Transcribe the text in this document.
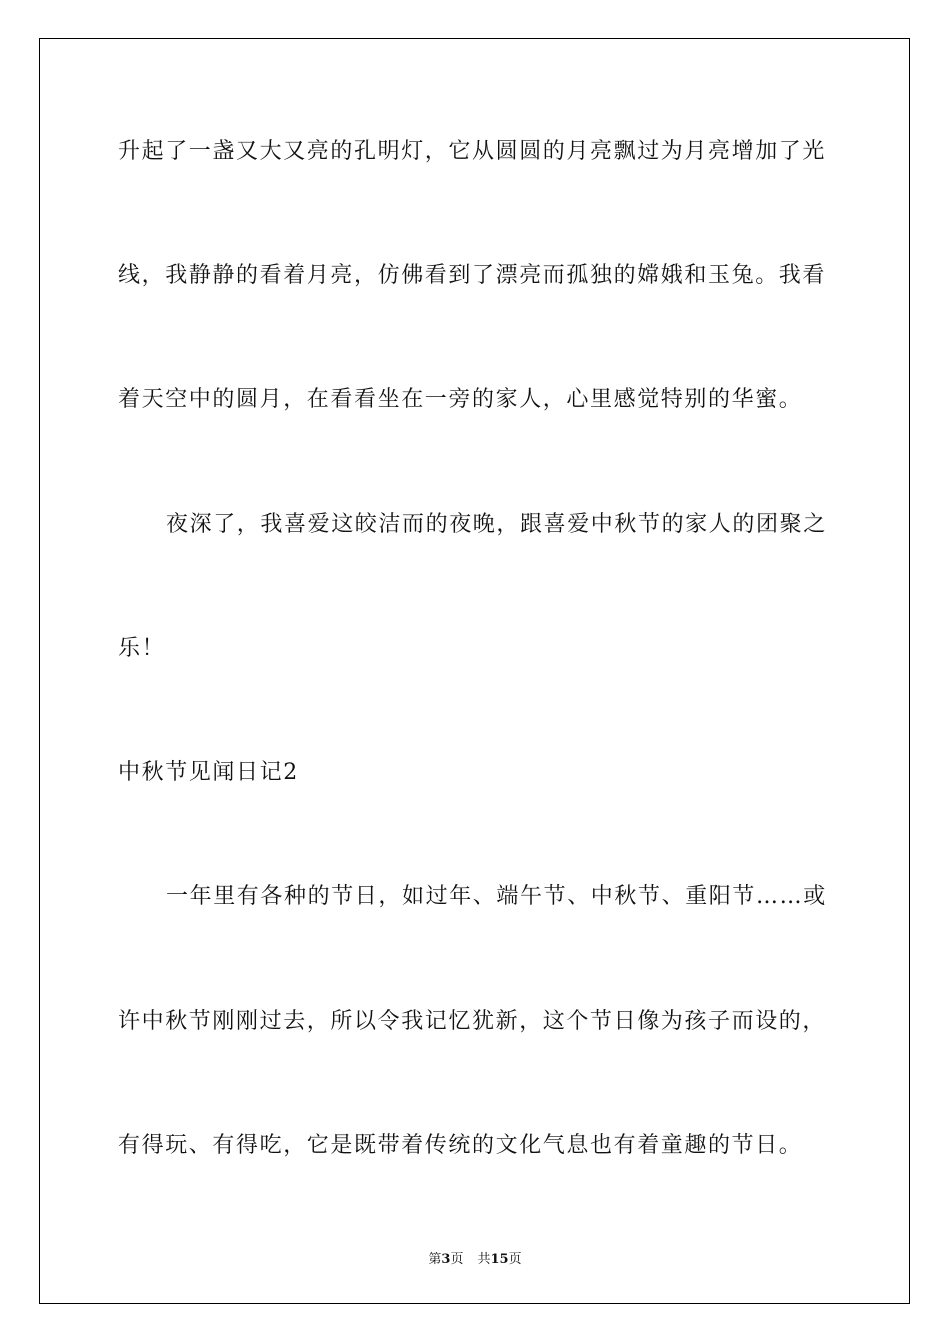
升起了一盏又大又亮的孔明灯，它从圆圆的月亮飘过为月亮增加了光
线，我静静的看着月亮，仿佛看到了漂亮而孤独的嫦娥和玉兔。我看
着天空中的圆月，在看看坐在一旁的家人，心里感觉特别的华蜜。
夜深了，我喜爱这皎洁而的夜晚，跟喜爱中秋节的家人的团聚之
乐！
中秋节见闻日记2
一年里有各种的节日，如过年、端午节、中秋节、重阳节……或
许中秋节刚刚过去，所以令我记忆犹新，这个节日像为孩子而设的，
有得玩、有得吃，它是既带着传统的文化气息也有着童趣的节日。
第3页 共15页
